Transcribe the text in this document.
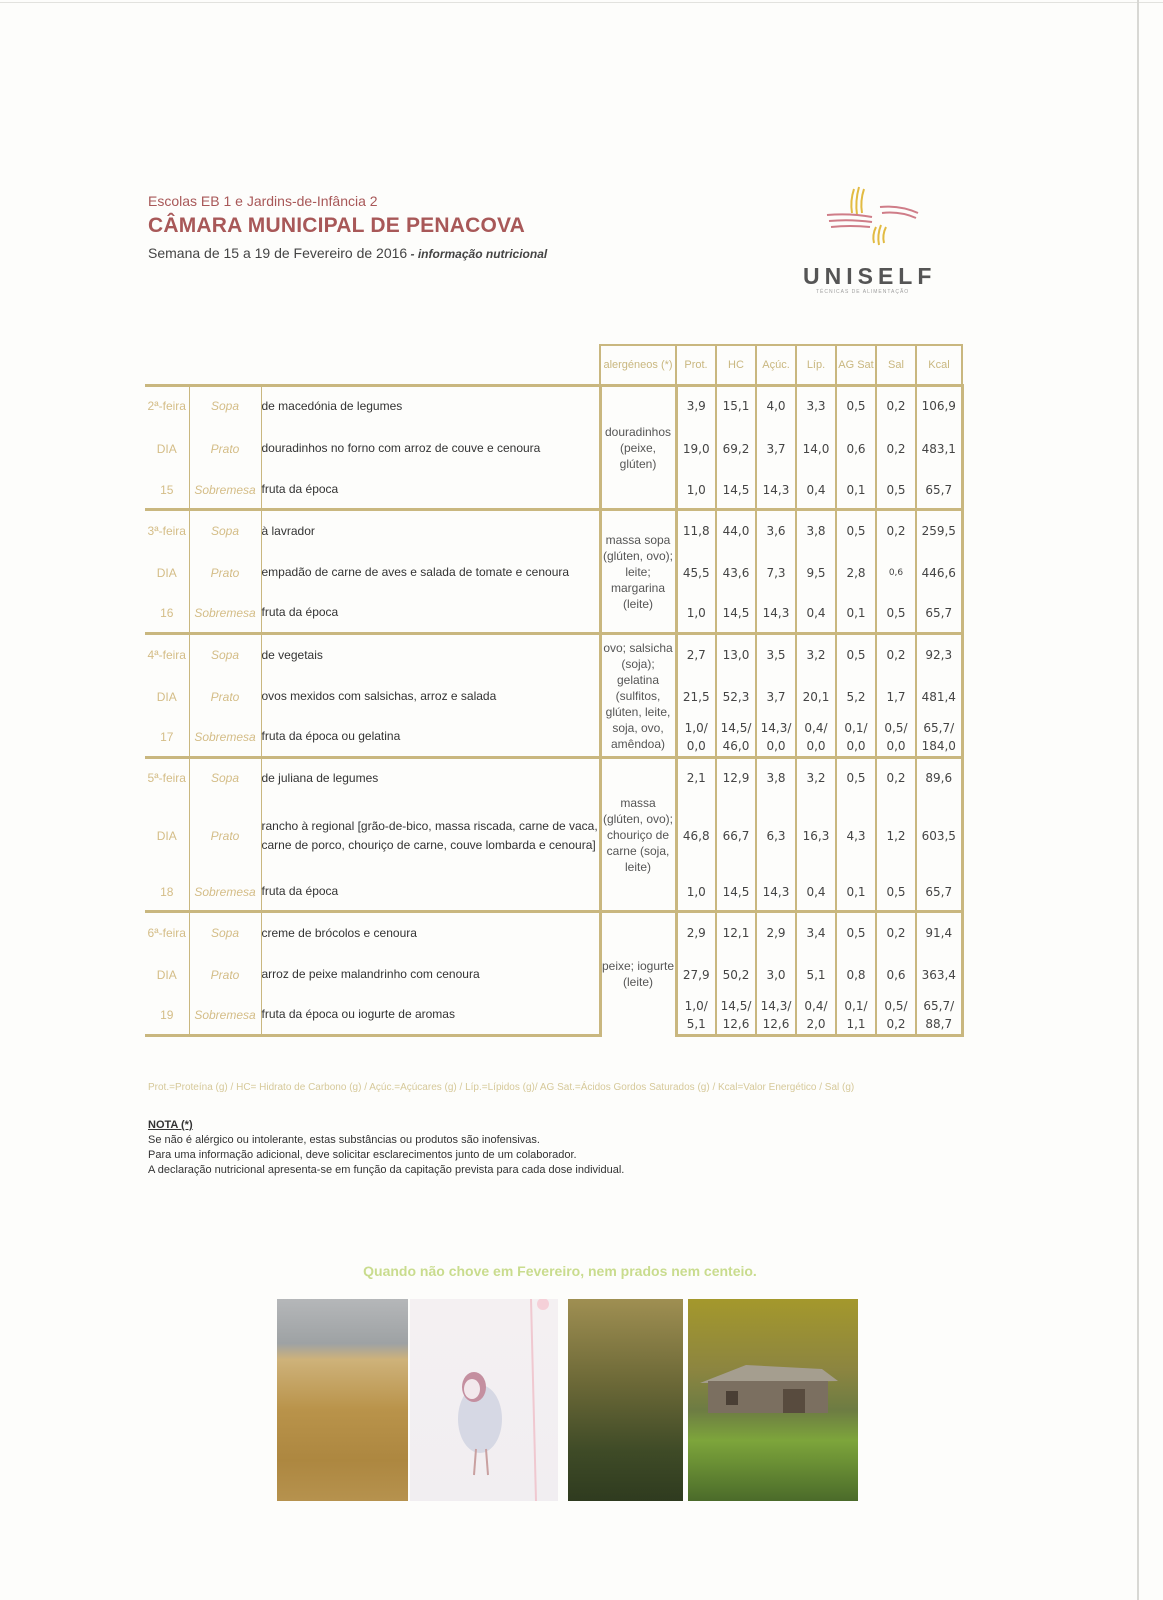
Escolas EB 1 e Jardins-de-Infância 2
CÂMARA MUNICIPAL DE PENACOVA
Semana de 15 a 19 de Fevereiro de 2016 - informação nutricional
UNISELF
TÉCNICAS DE ALIMENTAÇÃO
			alergéneos (*)	Prot.	HC	Açúc.	Líp.	AG Sat	Sal	Kcal
2ª-feira	Sopa	de macedónia de legumes	douradinhos (peixe, glúten)	3,9	15,1	4,0	3,3	0,5	0,2	106,9
DIA	Prato	douradinhos no forno com arroz de couve e cenoura		19,0	69,2	3,7	14,0	0,6	0,2	483,1
15	Sobremesa	fruta da época		1,0	14,5	14,3	0,4	0,1	0,5	65,7
3ª-feira	Sopa	à lavrador	massa sopa (glúten, ovo); leite; margarina (leite)	11,8	44,0	3,6	3,8	0,5	0,2	259,5
DIA	Prato	empadão de carne de aves e salada de tomate e cenoura		45,5	43,6	7,3	9,5	2,8	0,6	446,6
16	Sobremesa	fruta da época		1,0	14,5	14,3	0,4	0,1	0,5	65,7
4ª-feira	Sopa	de vegetais	ovo; salsicha (soja); gelatina (sulfitos, glúten, leite, soja, ovo, amêndoa)	2,7	13,0	3,5	3,2	0,5	0,2	92,3
DIA	Prato	ovos mexidos com salsichas, arroz e salada		21,5	52,3	3,7	20,1	5,2	1,7	481,4
17	Sobremesa	fruta da época ou gelatina		1,0/ 0,0	14,5/ 46,0	14,3/ 0,0	0,4/ 0,0	0,1/ 0,0	0,5/ 0,0	65,7/ 184,0
5ª-feira	Sopa	de juliana de legumes	massa (glúten, ovo); chouriço de carne (soja, leite)	2,1	12,9	3,8	3,2	0,5	0,2	89,6
DIA	Prato	rancho à regional [grão-de-bico, massa riscada, carne de vaca, carne de porco, chouriço de carne, couve lombarda e cenoura]		46,8	66,7	6,3	16,3	4,3	1,2	603,5
18	Sobremesa	fruta da época		1,0	14,5	14,3	0,4	0,1	0,5	65,7
6ª-feira	Sopa	creme de brócolos e cenoura	peixe; iogurte (leite)	2,9	12,1	2,9	3,4	0,5	0,2	91,4
DIA	Prato	arroz de peixe malandrinho com cenoura		27,9	50,2	3,0	5,1	0,8	0,6	363,4
19	Sobremesa	fruta da época ou iogurte de aromas		1,0/ 5,1	14,5/ 12,6	14,3/ 12,6	0,4/ 2,0	0,1/ 1,1	0,5/ 0,2	65,7/ 88,7
Prot.=Proteína (g) / HC= Hidrato de Carbono (g) / Açúc.=Açúcares (g) / Líp.=Lípidos (g)/ AG Sat.=Ácidos Gordos Saturados (g) / Kcal=Valor Energético / Sal (g)
NOTA (*)
Se não é alérgico ou intolerante, estas substâncias ou produtos são inofensivas.
Para uma informação adicional, deve solicitar esclarecimentos junto de um colaborador.
A declaração nutricional apresenta-se em função da capitação prevista para cada dose individual.
Quando não chove em Fevereiro, nem prados nem centeio.
